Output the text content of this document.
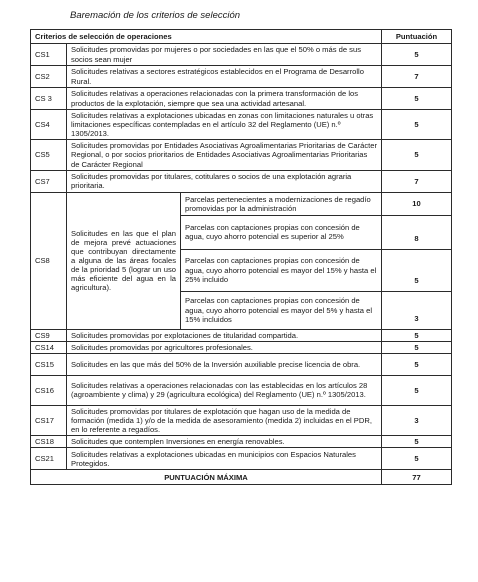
Baremación de los criterios de selección
Criterios de selección de operaciones			Puntuación
CS1	Solicitudes promovidas por mujeres o por sociedades en las que el 50% o más de sus socios sean mujer		5
CS2	Solicitudes relativas a sectores estratégicos establecidos en el Programa de Desarrollo Rural.		7
CS 3	Solicitudes relativas a operaciones relacionadas con la primera transformación de los productos de la explotación, siempre que sea una actividad artesanal.		5
CS4	Solicitudes relativas a explotaciones ubicadas en zonas con limitaciones naturales u otras limitaciones específicas contempladas en el artículo 32 del Reglamento (UE) n.º 1305/2013.		5
CS5	Solicitudes promovidas por Entidades Asociativas Agroalimentarias Prioritarias de Carácter Regional, o por socios prioritarios de Entidades Asociativas Agroalimentarias Prioritarias de Carácter Regional		5
CS7	Solicitudes promovidas por titulares, cotitulares o socios de una explotación agraria prioritaria.		7
CS8	Solicitudes en las que el plan de mejora prevé actuaciones que contribuyan directamente a alguna de las áreas focales de la prioridad 5 (lograr un uso más eficiente del agua en la agricultura).	Parcelas pertenecientes a modernizaciones de regadío promovidas por la administración	10
		Parcelas con captaciones propias con concesión de agua, cuyo ahorro potencial es superior al 25%	8
		Parcelas con captaciones propias con concesión de agua, cuyo ahorro potencial es mayor del 15% y hasta el 25% incluido	5
		Parcelas con captaciones propias con concesión de agua, cuyo ahorro potencial es mayor del 5% y hasta el 15% incluidos	3
CS9	Solicitudes promovidas por explotaciones de titularidad compartida.		5
CS14	Solicitudes promovidas por agricultores profesionales.		5
CS15	Solicitudes en las que más del 50% de la Inversión auxiliable precise licencia de obra.		5
CS16	Solicitudes relativas a operaciones relacionadas con las establecidas en los artículos 28 (agroambiente y clima) y 29 (agricultura ecológica) del Reglamento (UE) n.º 1305/2013.		5
CS17	Solicitudes promovidas por titulares de explotación que hagan uso de la medida de formación (medida 1) y/o de la medida de asesoramiento (medida 2) incluidas en el PDR, en lo referente a regadíos.		3
CS18	Solicitudes que contemplen Inversiones en energía renovables.		5
CS21	Solicitudes relativas a explotaciones ubicadas en municipios con Espacios Naturales Protegidos.		5
PUNTUACIÓN MÁXIMA			77
